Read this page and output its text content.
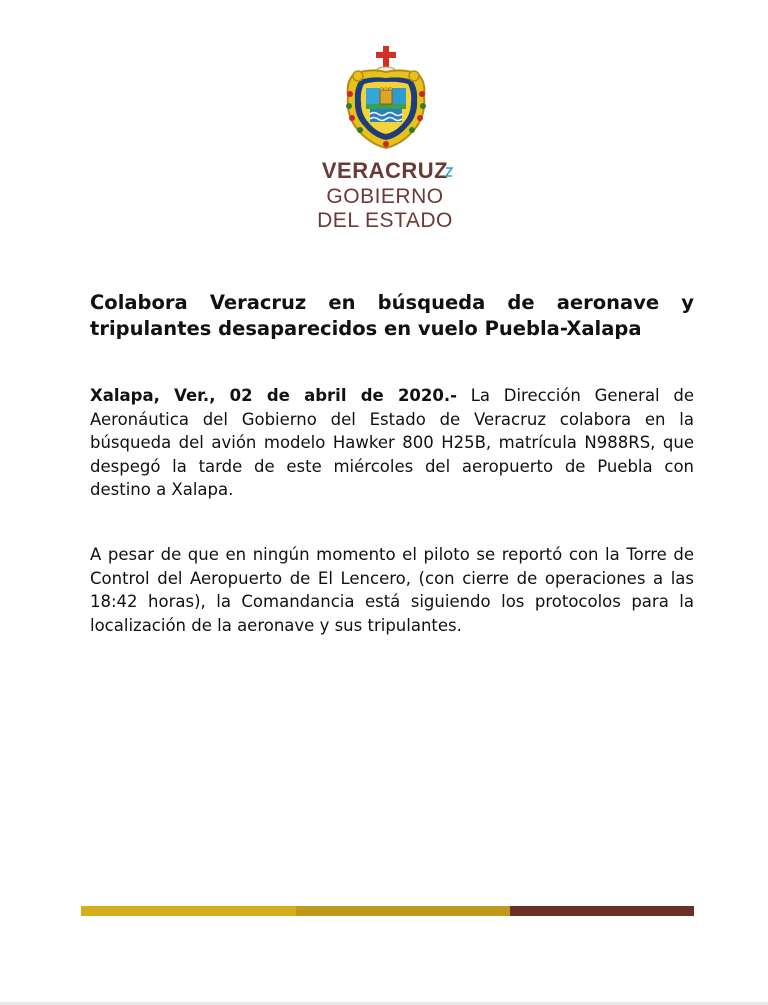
VERACRUZ
GOBIERNO
DEL ESTADO
Colabora Veracruz en búsqueda de aeronave y tripulantes desaparecidos en vuelo Puebla-Xalapa

Xalapa, Ver., 02 de abril de 2020.- La Dirección General de Aeronáutica del Gobierno del Estado de Veracruz colabora en la búsqueda del avión modelo Hawker 800 H25B, matrícula N988RS, que despegó la tarde de este miércoles del aeropuerto de Puebla con destino a Xalapa.

A pesar de que en ningún momento el piloto se reportó con la Torre de Control del Aeropuerto de El Lencero, (con cierre de operaciones a las 18:42 horas), la Comandancia está siguiendo los protocolos para la localización de la aeronave y sus tripulantes.
